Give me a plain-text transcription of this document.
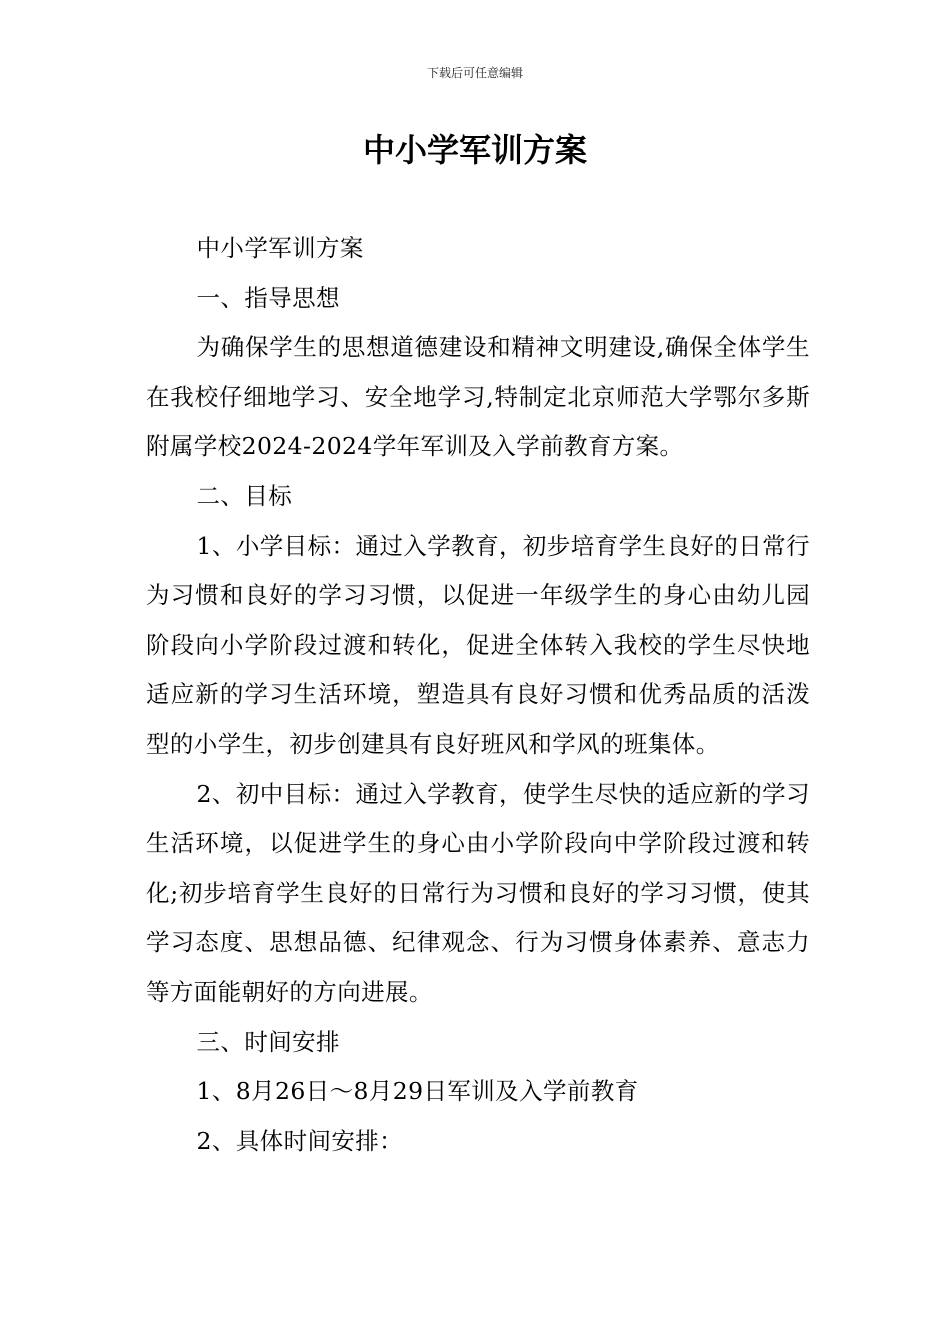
下载后可任意编辑
中小学军训方案

中小学军训方案

一、指导思想

为确保学生的思想道德建设和精神文明建设,确保全体学生在我校仔细地学习、安全地学习,特制定北京师范大学鄂尔多斯附属学校2024-2024学年军训及入学前教育方案。

二、目标

1、小学目标：通过入学教育，初步培育学生良好的日常行为习惯和良好的学习习惯，以促进一年级学生的身心由幼儿园阶段向小学阶段过渡和转化，促进全体转入我校的学生尽快地适应新的学习生活环境，塑造具有良好习惯和优秀品质的活泼型的小学生，初步创建具有良好班风和学风的班集体。

2、初中目标：通过入学教育，使学生尽快的适应新的学习生活环境，以促进学生的身心由小学阶段向中学阶段过渡和转化;初步培育学生良好的日常行为习惯和良好的学习习惯，使其学习态度、思想品德、纪律观念、行为习惯身体素养、意志力等方面能朝好的方向进展。

三、时间安排

1、8月26日～8月29日军训及入学前教育

2、具体时间安排：
